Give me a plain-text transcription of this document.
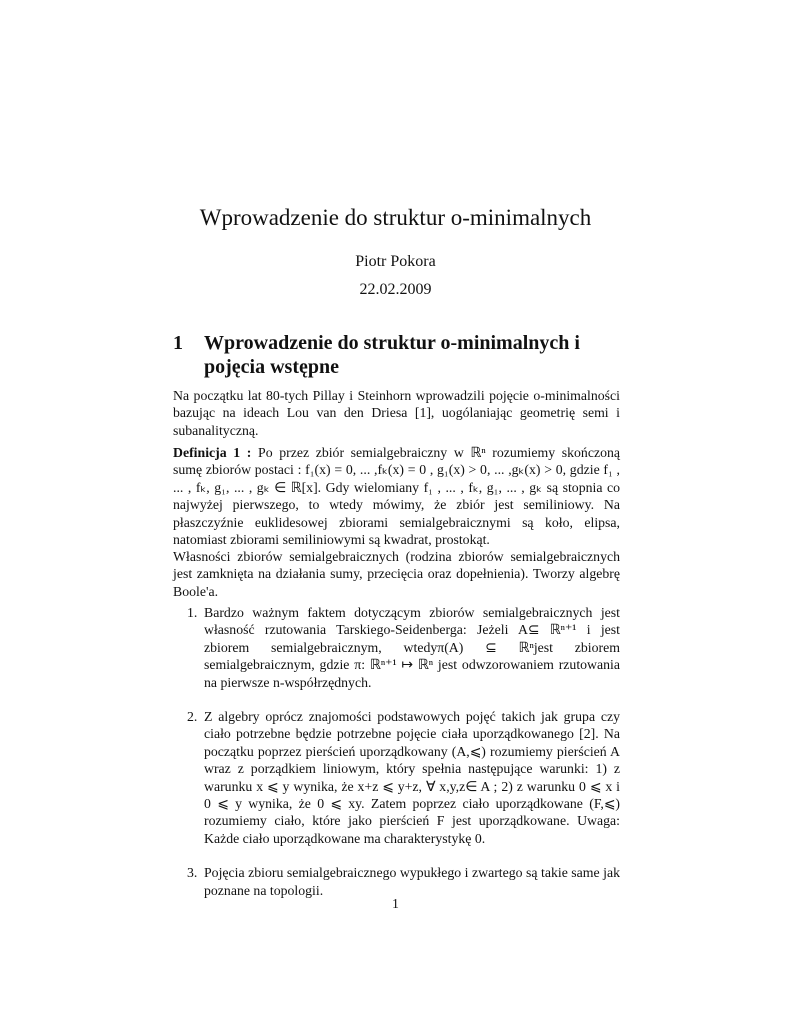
Wprowadzenie do struktur o-minimalnych
Piotr Pokora
22.02.2009
1 Wprowadzenie do struktur o-minimalnych i pojęcia wstępne
Na początku lat 80-tych Pillay i Steinhorn wprowadzili pojęcie o-minimalności bazując na ideach Lou van den Driesa [1], uogólaniając geometrię semi i subanalityczną.
Definicja 1 : Po przez zbiór semialgebraiczny w ℝⁿ rozumiemy skończoną sumę zbiorów postaci : f₁(x) = 0, ... ,fₖ(x) = 0 , g₁(x) > 0, ... ,gₖ(x) > 0, gdzie f₁ , ... , fₖ, g₁, ... , gₖ ∈ ℝ[x]. Gdy wielomiany f₁ , ... , fₖ, g₁, ... , gₖ są stopnia co najwyżej pierwszego, to wtedy mówimy, że zbiór jest semiliniowy. Na płaszczyźnie euklidesowej zbiorami semialgebraicznymi są koło, elipsa, natomiast zbiorami semiliniowymi są kwadrat, prostokąt.
Własności zbiorów semialgebraicznych (rodzina zbiorów semialgebraicznych jest zamknięta na działania sumy, przecięcia oraz dopełnienia). Tworzy algebrę Boole'a.
1. Bardzo ważnym faktem dotyczącym zbiorów semialgebraicznych jest własność rzutowania Tarskiego-Seidenberga: Jeżeli A⊆ ℝⁿ⁺¹ i jest zbiorem semialgebraicznym, wtedyπ(A) ⊆ ℝⁿjest zbiorem semialgebraicznym, gdzie π: ℝⁿ⁺¹ ↦ ℝⁿ jest odwzorowaniem rzutowania na pierwsze n-współrzędnych.
2. Z algebry oprócz znajomości podstawowych pojęć takich jak grupa czy ciało potrzebne będzie potrzebne pojęcie ciała uporządkowanego [2]. Na początku poprzez pierścień uporządkowany (A,⩽) rozumiemy pierścień A wraz z porządkiem liniowym, który spełnia następujące warunki: 1) z warunku x ⩽ y wynika, że x+z ⩽ y+z, ∀ x,y,z∈ A ; 2) z warunku 0 ⩽ x i 0 ⩽ y wynika, że 0 ⩽ xy. Zatem poprzez ciało uporządkowane (F,⩽) rozumiemy ciało, które jako pierścień F jest uporządkowane. Uwaga: Każde ciało uporządkowane ma charakterystykę 0.
3. Pojęcia zbioru semialgebraicznego wypukłego i zwartego są takie same jak poznane na topologii.
1
